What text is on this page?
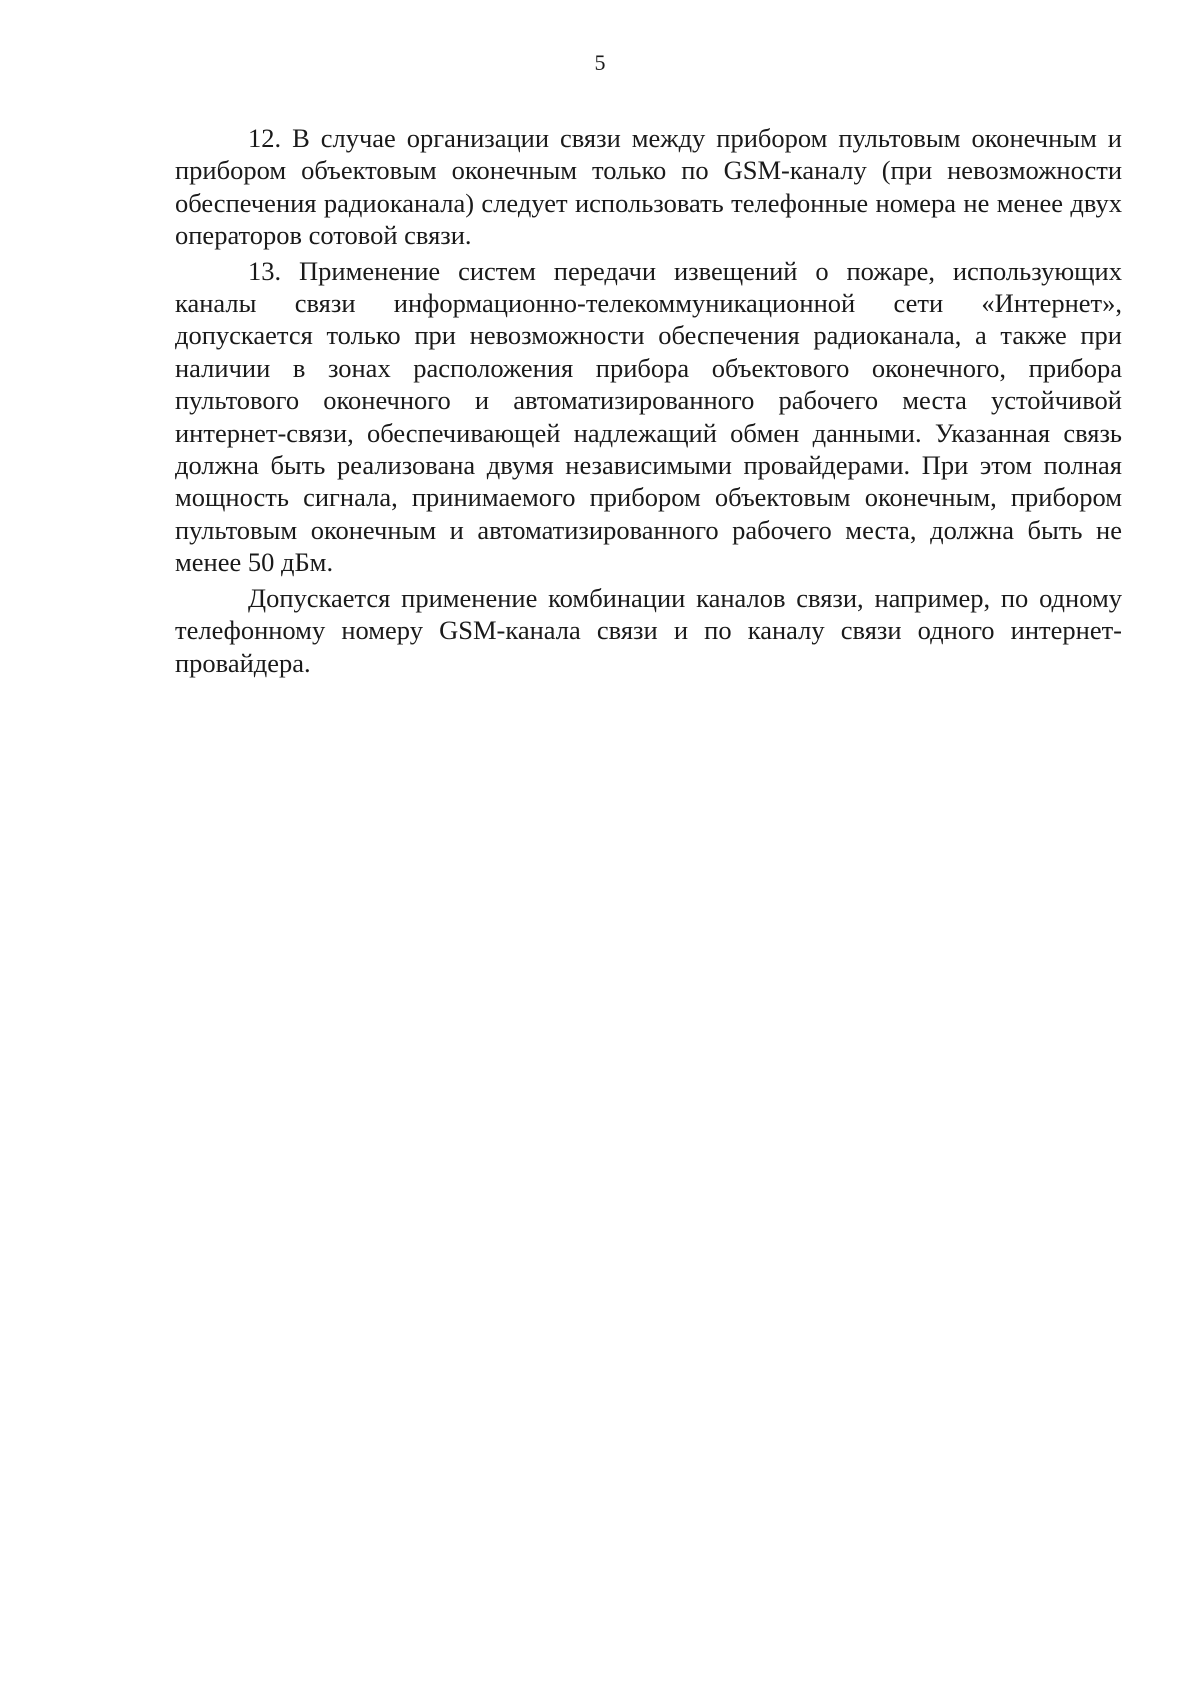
5

12. В случае организации связи между прибором пультовым оконечным и прибором объектовым оконечным только по GSM-каналу (при невозможности обеспечения радиоканала) следует использовать телефонные номера не менее двух операторов сотовой связи.

13. Применение систем передачи извещений о пожаре, использующих каналы связи информационно-телекоммуникационной сети «Интернет», допускается только при невозможности обеспечения радиоканала, а также при наличии в зонах расположения прибора объектового оконечного, прибора пультового оконечного и автоматизированного рабочего места устойчивой интернет-связи, обеспечивающей надлежащий обмен данными. Указанная связь должна быть реализована двумя независимыми провайдерами. При этом полная мощность сигнала, принимаемого прибором объектовым оконечным, прибором пультовым оконечным и автоматизированного рабочего места, должна быть не менее 50 дБм.

Допускается применение комбинации каналов связи, например, по одному телефонному номеру GSM-канала связи и по каналу связи одного интернет-провайдера.
